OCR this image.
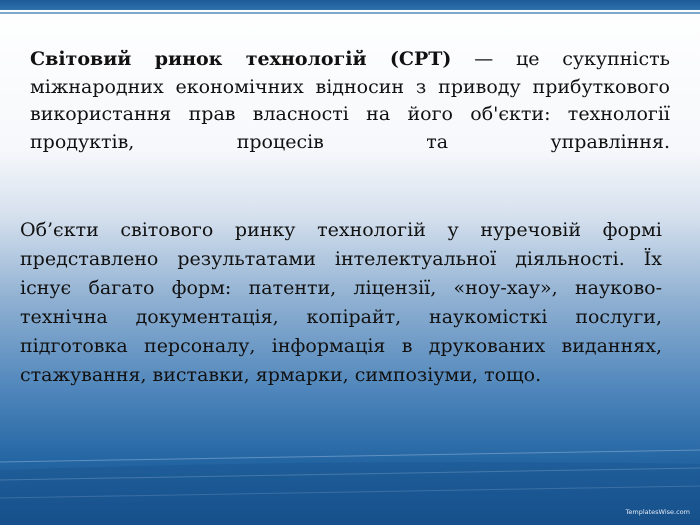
Світовий ринок технологій (СРТ) — це сукупність міжнародних економічних відносин з приводу прибуткового використання прав власності на його об'єкти: технології продуктів, процесів та управління.

Об’єкти світового ринку технологій у нуречовій формі представлено результатами інтелектуальної діяльності. Їх існує багато форм: патенти, ліцензії, «ноу-хау», науково-технічна документація, копірайт, наукомісткі послуги, підготовка персоналу, інформація в друкованих виданнях, стажування, виставки, ярмарки, симпозіуми, тощо.

TemplatesWise.com
